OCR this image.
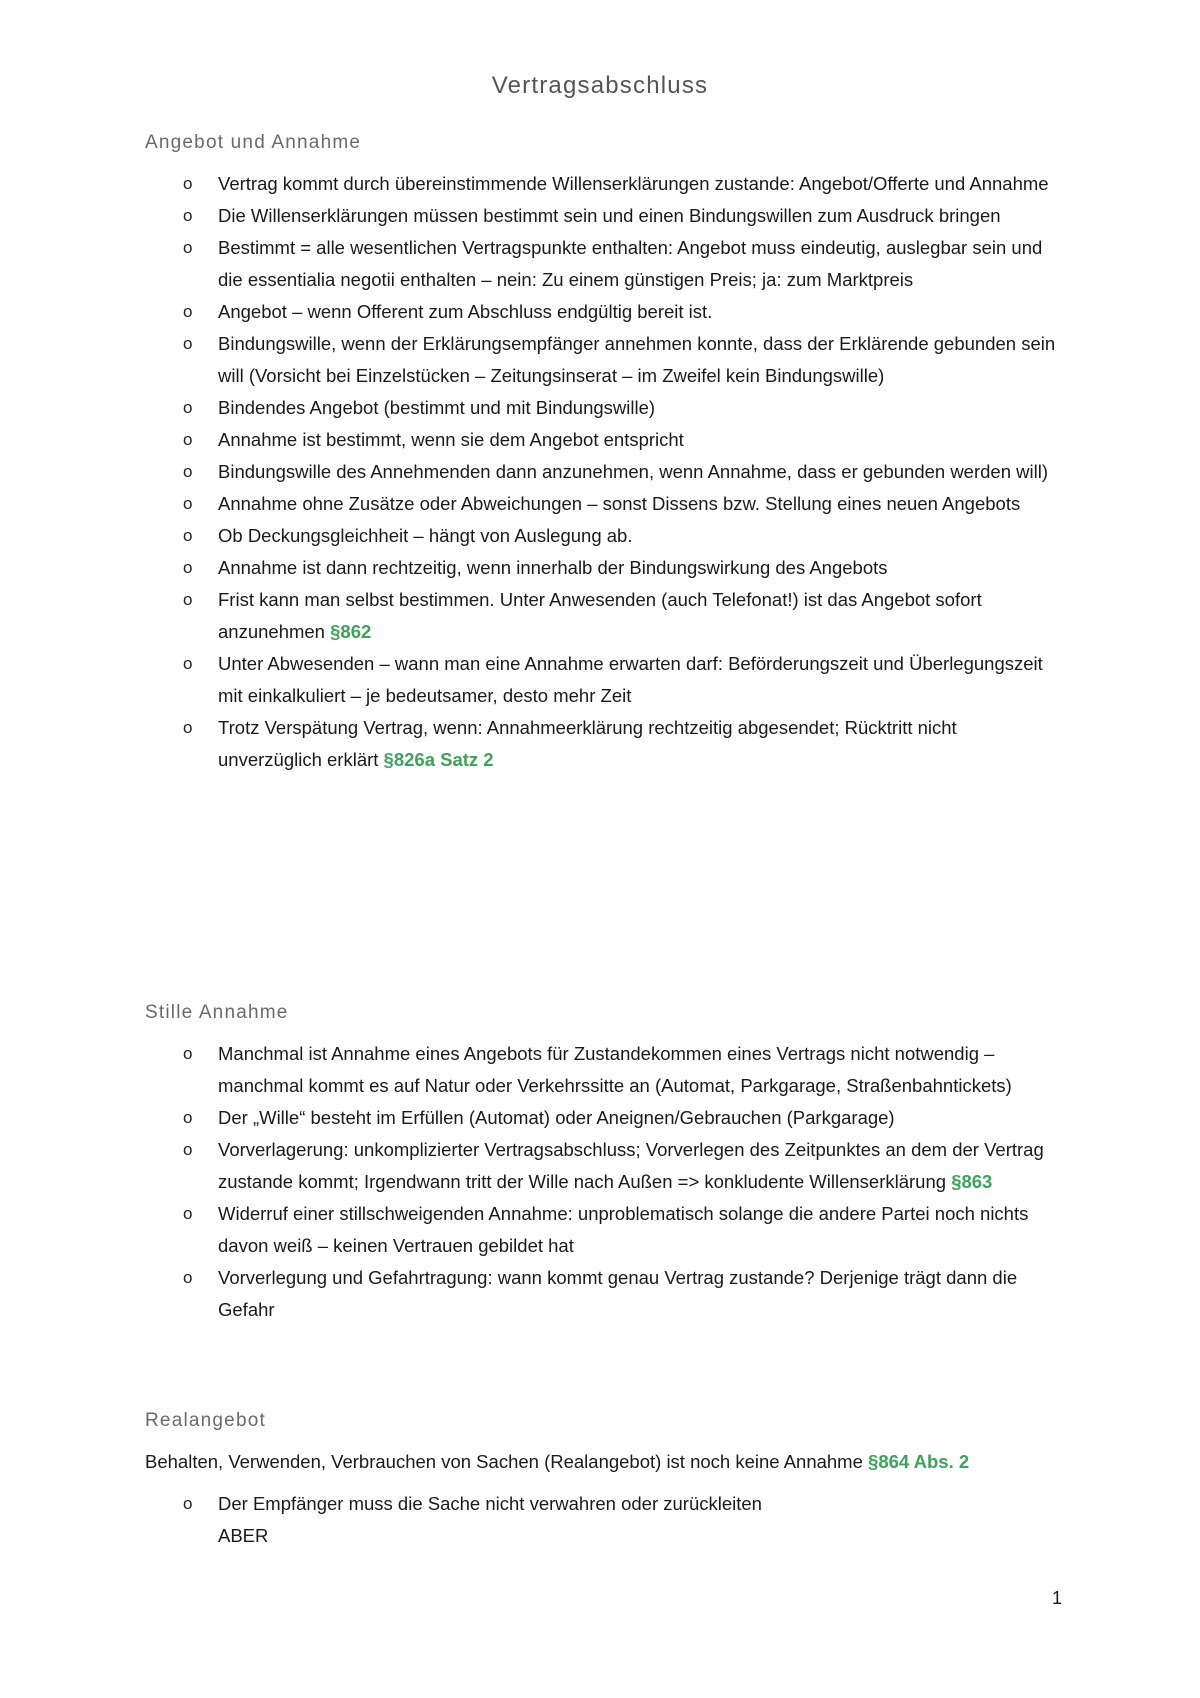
Vertragsabschluss
Angebot und Annahme
o Vertrag kommt durch übereinstimmende Willenserklärungen zustande: Angebot/Offerte und Annahme
o Die Willenserklärungen müssen bestimmt sein und einen Bindungswillen zum Ausdruck bringen
o Bestimmt = alle wesentlichen Vertragspunkte enthalten: Angebot muss eindeutig, auslegbar sein und die essentialia negotii enthalten – nein: Zu einem günstigen Preis; ja: zum Marktpreis
o Angebot – wenn Offerent zum Abschluss endgültig bereit ist.
o Bindungswille, wenn der Erklärungsempfänger annehmen konnte, dass der Erklärende gebunden sein will (Vorsicht bei Einzelstücken – Zeitungsinserat – im Zweifel kein Bindungswille)
o Bindendes Angebot (bestimmt und mit Bindungswille)
o Annahme ist bestimmt, wenn sie dem Angebot entspricht
o Bindungswille des Annehmenden dann anzunehmen, wenn Annahme, dass er gebunden werden will)
o Annahme ohne Zusätze oder Abweichungen – sonst Dissens bzw. Stellung eines neuen Angebots
o Ob Deckungsgleichheit – hängt von Auslegung ab.
o Annahme ist dann rechtzeitig, wenn innerhalb der Bindungswirkung des Angebots
o Frist kann man selbst bestimmen. Unter Anwesenden (auch Telefonat!) ist das Angebot sofort anzunehmen §862
o Unter Abwesenden – wann man eine Annahme erwarten darf: Beförderungszeit und Überlegungszeit mit einkalkuliert – je bedeutsamer, desto mehr Zeit
o Trotz Verspätung Vertrag, wenn: Annahmeerklärung rechtzeitig abgesendet; Rücktritt nicht unverzüglich erklärt §826a Satz 2
Stille Annahme
o Manchmal ist Annahme eines Angebots für Zustandekommen eines Vertrags nicht notwendig – manchmal kommt es auf Natur oder Verkehrssitte an (Automat, Parkgarage, Straßenbahntickets)
o Der „Wille“ besteht im Erfüllen (Automat) oder Aneignen/Gebrauchen (Parkgarage)
o Vorverlagerung: unkomplizierter Vertragsabschluss; Vorverlegen des Zeitpunktes an dem der Vertrag zustande kommt; Irgendwann tritt der Wille nach Außen => konkludente Willenserklärung §863
o Widerruf einer stillschweigenden Annahme: unproblematisch solange die andere Partei noch nichts davon weiß – keinen Vertrauen gebildet hat
o Vorverlegung und Gefahrtragung: wann kommt genau Vertrag zustande? Derjenige trägt dann die Gefahr
Realangebot
Behalten, Verwenden, Verbrauchen von Sachen (Realangebot) ist noch keine Annahme §864 Abs. 2
o Der Empfänger muss die Sache nicht verwahren oder zurückleiten
ABER
1
